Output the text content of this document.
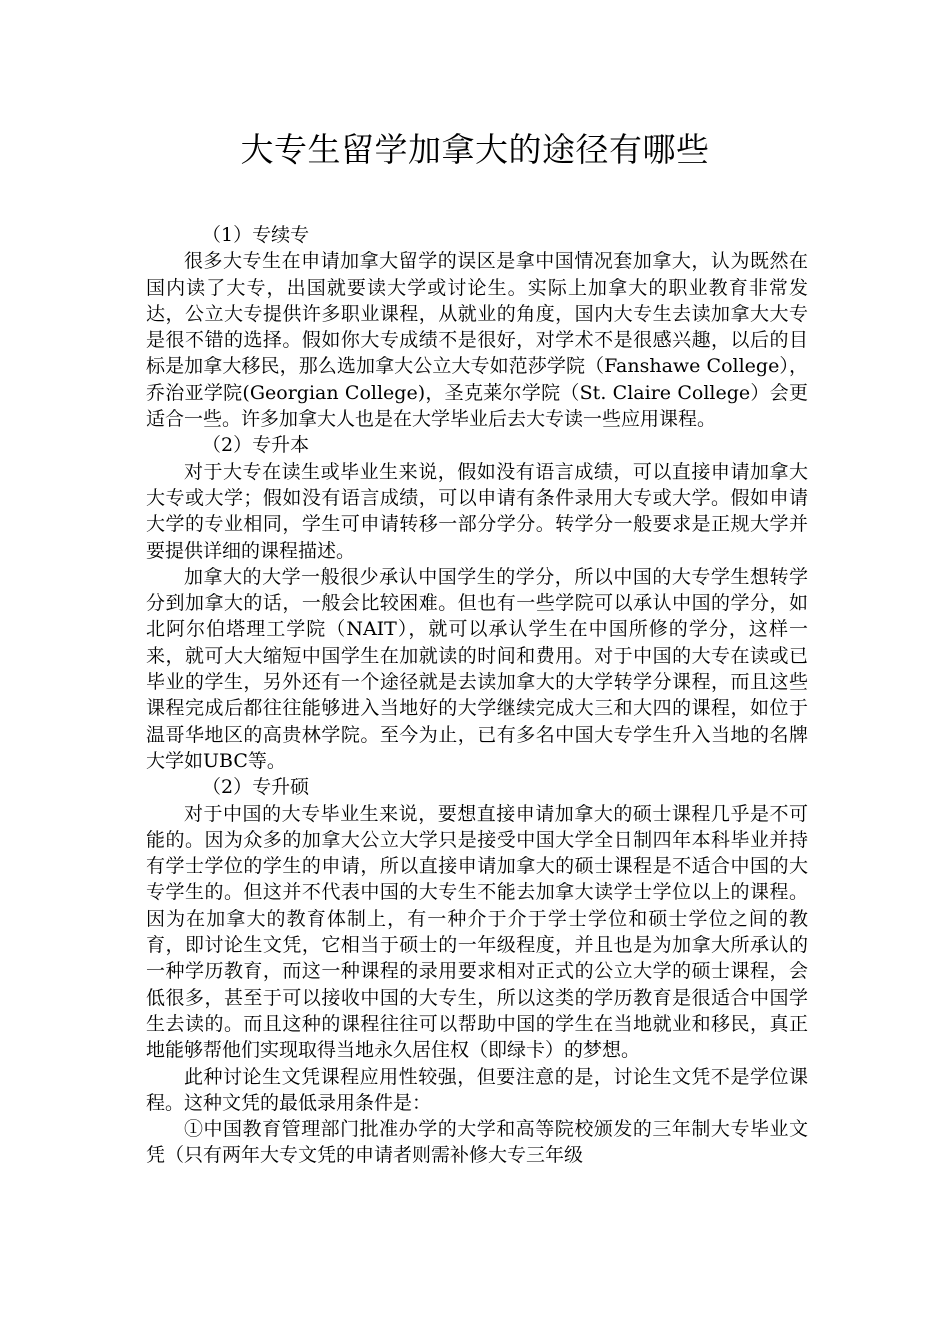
大专生留学加拿大的途径有哪些

（1）专续专

很多大专生在申请加拿大留学的误区是拿中国情况套加拿大，认为既然在国内读了大专，出国就要读大学或讨论生。实际上加拿大的职业教育非常发达，公立大专提供许多职业课程，从就业的角度，国内大专生去读加拿大大专是很不错的选择。假如你大专成绩不是很好，对学术不是很感兴趣，以后的目标是加拿大移民，那么选加拿大公立大专如范莎学院（Fanshawe College），乔治亚学院(Georgian College)，圣克莱尔学院（St. Claire College）会更适合一些。许多加拿大人也是在大学毕业后去大专读一些应用课程。

（2）专升本

对于大专在读生或毕业生来说，假如没有语言成绩，可以直接申请加拿大大专或大学；假如没有语言成绩，可以申请有条件录用大专或大学。假如申请大学的专业相同，学生可申请转移一部分学分。转学分一般要求是正规大学并要提供详细的课程描述。

加拿大的大学一般很少承认中国学生的学分，所以中国的大专学生想转学分到加拿大的话，一般会比较困难。但也有一些学院可以承认中国的学分，如北阿尔伯塔理工学院（NAIT），就可以承认学生在中国所修的学分，这样一来，就可大大缩短中国学生在加就读的时间和费用。对于中国的大专在读或已毕业的学生，另外还有一个途径就是去读加拿大的大学转学分课程，而且这些课程完成后都往往能够进入当地好的大学继续完成大三和大四的课程，如位于温哥华地区的高贵林学院。至今为止，已有多名中国大专学生升入当地的名牌大学如UBC等。

（2）专升硕

对于中国的大专毕业生来说，要想直接申请加拿大的硕士课程几乎是不可能的。因为众多的加拿大公立大学只是接受中国大学全日制四年本科毕业并持有学士学位的学生的申请，所以直接申请加拿大的硕士课程是不适合中国的大专学生的。但这并不代表中国的大专生不能去加拿大读学士学位以上的课程。因为在加拿大的教育体制上，有一种介于介于学士学位和硕士学位之间的教育，即讨论生文凭，它相当于硕士的一年级程度，并且也是为加拿大所承认的一种学历教育，而这一种课程的录用要求相对正式的公立大学的硕士课程，会低很多，甚至于可以接收中国的大专生，所以这类的学历教育是很适合中国学生去读的。而且这种的课程往往可以帮助中国的学生在当地就业和移民，真正地能够帮他们实现取得当地永久居住权（即绿卡）的梦想。

此种讨论生文凭课程应用性较强，但要注意的是，讨论生文凭不是学位课程。这种文凭的最低录用条件是：

①中国教育管理部门批准办学的大学和高等院校颁发的三年制大专毕业文凭（只有两年大专文凭的申请者则需补修大专三年级
